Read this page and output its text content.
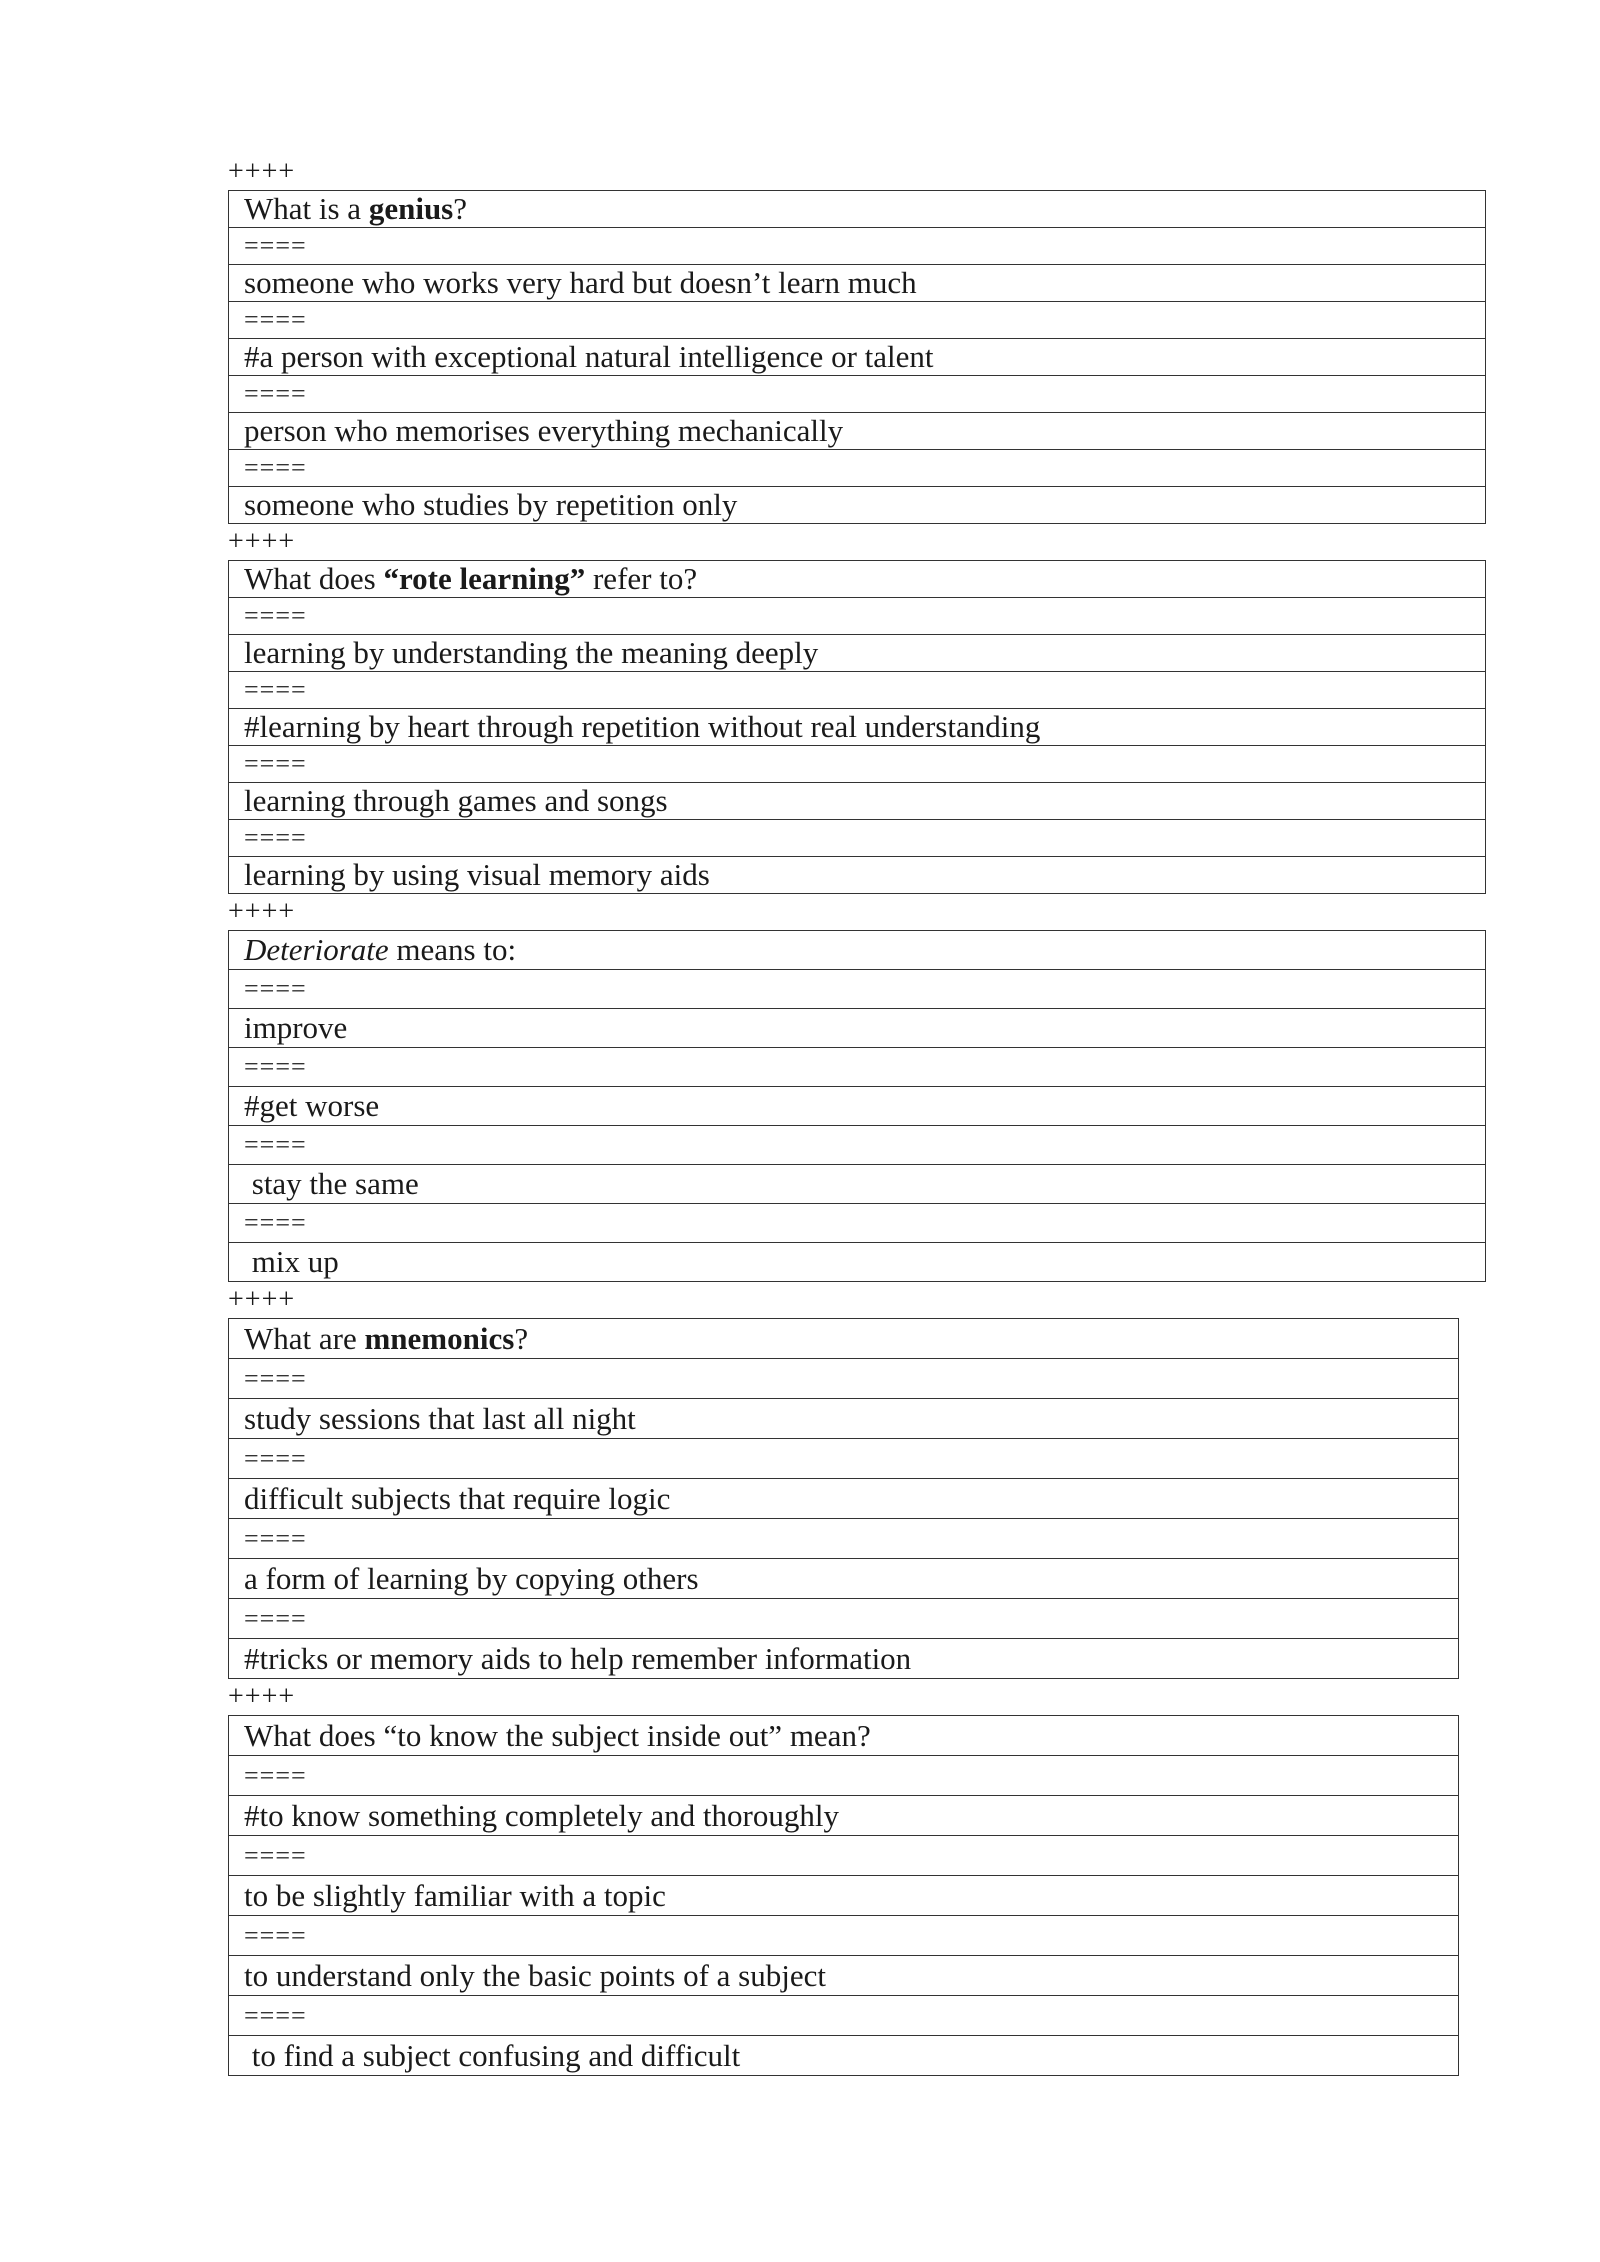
++++
What is a genius?
====
someone who works very hard but doesn’t learn much
====
#a person with exceptional natural intelligence or talent
====
person who memorises everything mechanically
====
someone who studies by repetition only
++++
What does “rote learning” refer to?
====
learning by understanding the meaning deeply
====
#learning by heart through repetition without real understanding
====
learning through games and songs
====
learning by using visual memory aids
++++
Deteriorate means to:
====
improve
====
#get worse
====
stay the same
====
mix up
++++
What are mnemonics?
====
study sessions that last all night
====
difficult subjects that require logic
====
a form of learning by copying others
====
#tricks or memory aids to help remember information
++++
What does “to know the subject inside out” mean?
====
#to know something completely and thoroughly
====
to be slightly familiar with a topic
====
to understand only the basic points of a subject
====
to find a subject confusing and difficult
